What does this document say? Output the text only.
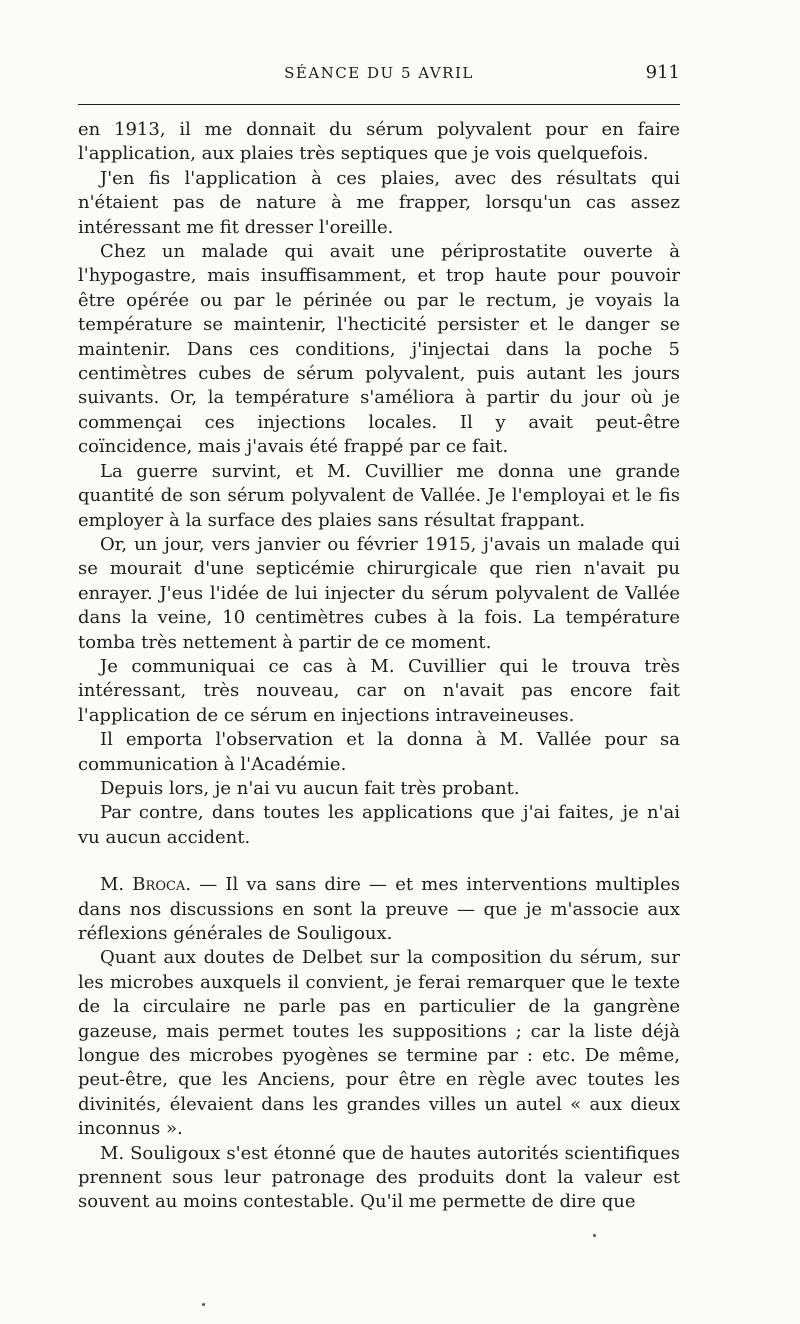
SÉANCE DU 5 AVRIL	911

en 1913, il me donnait du sérum polyvalent pour en faire l'application, aux plaies très septiques que je vois quelquefois.

J'en fis l'application à ces plaies, avec des résultats qui n'étaient pas de nature à me frapper, lorsqu'un cas assez intéressant me fit dresser l'oreille.

Chez un malade qui avait une périprostatite ouverte à l'hypogastre, mais insuffisamment, et trop haute pour pouvoir être opérée ou par le périnée ou par le rectum, je voyais la température se maintenir, l'hecticité persister et le danger se maintenir. Dans ces conditions, j'injectai dans la poche 5 centimètres cubes de sérum polyvalent, puis autant les jours suivants. Or, la température s'améliora à partir du jour où je commençai ces injections locales. Il y avait peut-être coïncidence, mais j'avais été frappé par ce fait.

La guerre survint, et M. Cuvillier me donna une grande quantité de son sérum polyvalent de Vallée. Je l'employai et le fis employer à la surface des plaies sans résultat frappant.

Or, un jour, vers janvier ou février 1915, j'avais un malade qui se mourait d'une septicémie chirurgicale que rien n'avait pu enrayer. J'eus l'idée de lui injecter du sérum polyvalent de Vallée dans la veine, 10 centimètres cubes à la fois. La température tomba très nettement à partir de ce moment.

Je communiquai ce cas à M. Cuvillier qui le trouva très intéressant, très nouveau, car on n'avait pas encore fait l'application de ce sérum en injections intraveineuses.

Il emporta l'observation et la donna à M. Vallée pour sa communication à l'Académie.

Depuis lors, je n'ai vu aucun fait très probant.

Par contre, dans toutes les applications que j'ai faites, je n'ai vu aucun accident.

M. Broca. — Il va sans dire — et mes interventions multiples dans nos discussions en sont la preuve — que je m'associe aux réflexions générales de Souligoux.

Quant aux doutes de Delbet sur la composition du sérum, sur les microbes auxquels il convient, je ferai remarquer que le texte de la circulaire ne parle pas en particulier de la gangrène gazeuse, mais permet toutes les suppositions ; car la liste déjà longue des microbes pyogènes se termine par : etc. De même, peut-être, que les Anciens, pour être en règle avec toutes les divinités, élevaient dans les grandes villes un autel « aux dieux inconnus ».

M. Souligoux s'est étonné que de hautes autorités scientifiques prennent sous leur patronage des produits dont la valeur est souvent au moins contestable. Qu'il me permette de dire que
